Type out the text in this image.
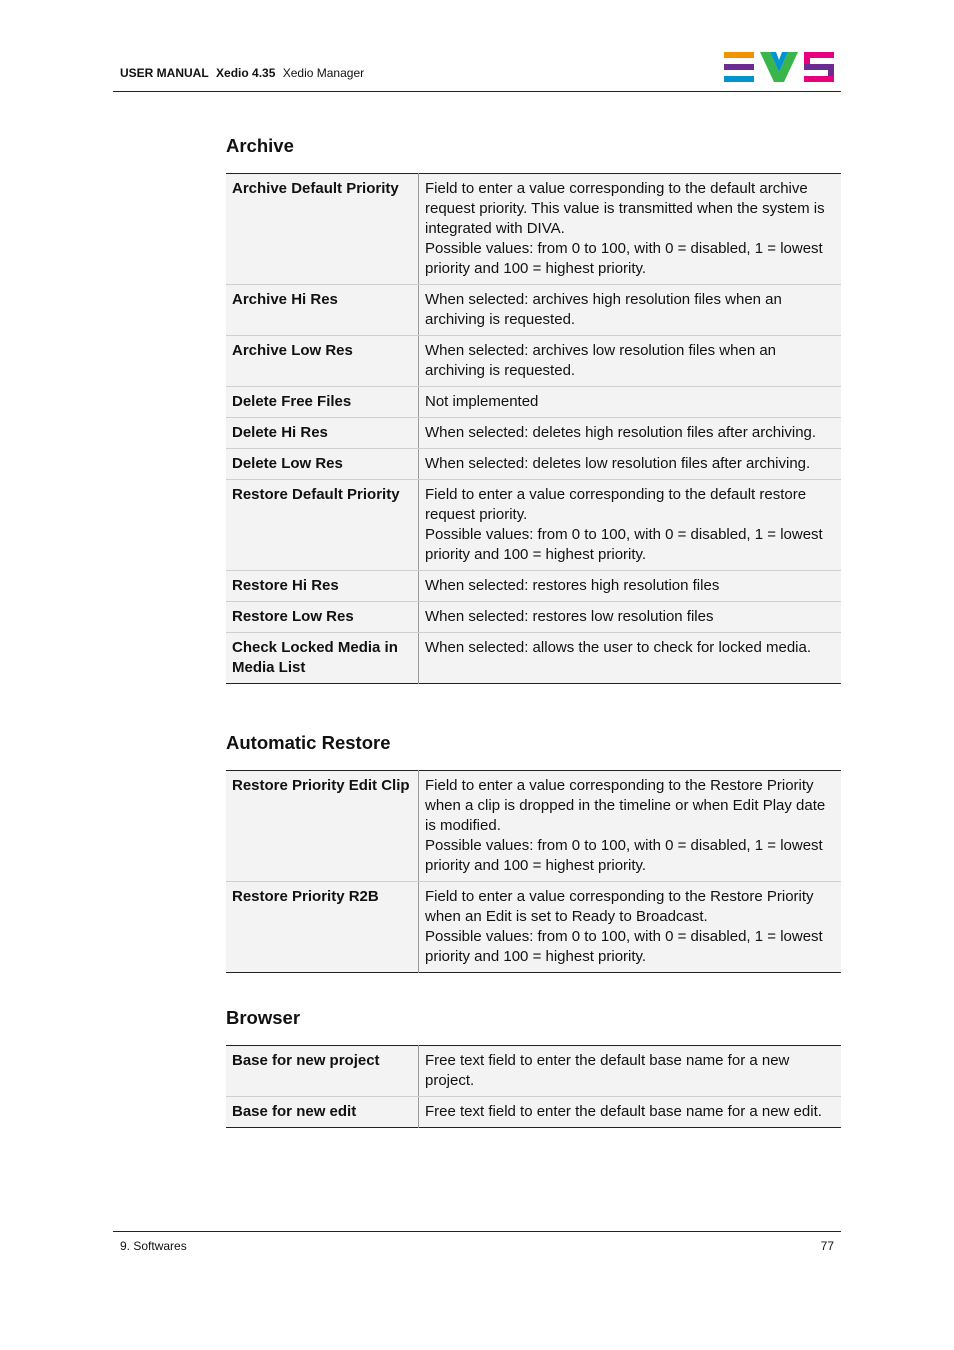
USER MANUAL Xedio 4.35 Xedio Manager
Archive
Archive Default Priority	Field to enter a value corresponding to the default archive request priority. This value is transmitted when the system is integrated with DIVA.
Possible values: from 0 to 100, with 0 = disabled, 1 = lowest priority and 100 = highest priority.
Archive Hi Res	When selected: archives high resolution files when an archiving is requested.
Archive Low Res	When selected: archives low resolution files when an archiving is requested.
Delete Free Files	Not implemented
Delete Hi Res	When selected: deletes high resolution files after archiving.
Delete Low Res	When selected: deletes low resolution files after archiving.
Restore Default Priority	Field to enter a value corresponding to the default restore request priority.
Possible values: from 0 to 100, with 0 = disabled, 1 = lowest priority and 100 = highest priority.
Restore Hi Res	When selected: restores high resolution files
Restore Low Res	When selected: restores low resolution files
Check Locked Media in Media List	When selected: allows the user to check for locked media.
Automatic Restore
Restore Priority Edit Clip	Field to enter a value corresponding to the Restore Priority when a clip is dropped in the timeline or when Edit Play date is modified.
Possible values: from 0 to 100, with 0 = disabled, 1 = lowest priority and 100 = highest priority.
Restore Priority R2B	Field to enter a value corresponding to the Restore Priority when an Edit is set to Ready to Broadcast.
Possible values: from 0 to 100, with 0 = disabled, 1 = lowest priority and 100 = highest priority.
Browser
Base for new project	Free text field to enter the default base name for a new project.
Base for new edit	Free text field to enter the default base name for a new edit.
9. Softwares	77
